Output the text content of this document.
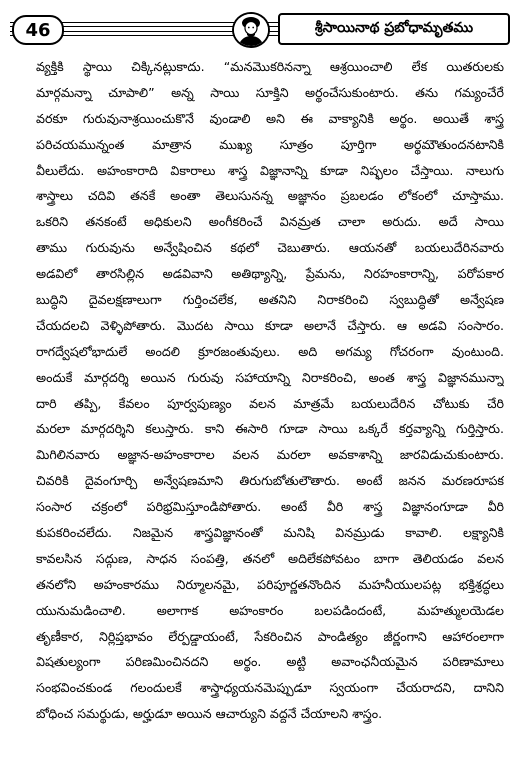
46	శ్రీసాయినాథ ప్రబోధామృతము
వ్యక్తికి స్థాయి చిక్కినట్లుకాదు. “మనమొకరినన్నా ఆశ్రయించాలి లేక యితరులకు
మార్గమన్నా చూపాలి” అన్న సాయి సూక్తిని అర్థంచేసుకుంటారు. తను గమ్యంచేరే
వరకూ గురువునాశ్రయించుకొనే వుండాలి అని ఈ వాక్యానికి అర్థం. అయితే శాస్త్ర
పరిచయమున్నంత మాత్రాన ముఖ్య సూత్రం పూర్తిగా అర్థమౌతుందనటానికి
వీలులేదు. అహంకారాది వికారాలు శాస్త్ర విజ్ఞానాన్ని కూడా నిష్ఫలం చేస్తాయి. నాలుగు
శాస్త్రాలు చదివి తనకే అంతా తెలుసునన్న అజ్ఞానం ప్రబలడం లోకంలో చూస్తాము.
ఒకరిని తనకంటే అధికులని అంగీకరించే వినమ్రత చాలా అరుదు. అదే సాయి
తాము గురువును అన్వేషించిన కథలో చెబుతారు. ఆయనతో బయలుదేరినవారు
అడవిలో తారసిల్లిన అడవివాని అతిథ్యాన్ని, ప్రేమను, నిరహంకారాన్ని, పరోపకార
బుద్ధిని దైవలక్షణాలుగా గుర్తించలేక, అతనిని నిరాకరించి స్వబుద్ధితో అన్వేషణ
చేయదలచి వెళ్ళిపోతారు. మొదట సాయి కూడా అలానే చేస్తారు. ఆ అడవి సంసారం.
రాగద్వేషలోభాదులే అందలి క్రూరజంతువులు. అది అగమ్య గోచరంగా వుంటుంది.
అందుకే మార్గదర్శి అయిన గురువు సహాయాన్ని నిరాకరించి, అంత శాస్త్ర విజ్ఞానమున్నా
దారి తప్పి, కేవలం పూర్వపుణ్యం వలన మాత్రమే బయలుదేరిన చోటుకు చేరి
మరలా మార్గదర్శిని కలుస్తారు. కాని ఈసారి గూడా సాయి ఒక్కరే కర్తవ్యాన్ని గుర్తిస్తారు.
మిగిలినవారు అజ్ఞాన-అహంకారాల వలన మరలా అవకాశాన్ని జారవిడుచుకుంటారు.
చివరికి దైవంగూర్చి అన్వేషణమాని తిరుగుబోతులౌతారు. అంటే జనన మరణరూపక
సంసార చక్రంలో పరిభ్రమిస్తూండిపోతారు. అంటే వీరి శాస్త్ర విజ్ఞానంగూడా వీరి
కుపకరించలేదు. నిజమైన శాస్త్రవిజ్ఞానంతో మనిషి వినమ్రుడు కావాలి. లక్ష్యానికి
కావలసిన సద్గుణ, సాధన సంపత్తి, తనలో అదిలేకపోవటం బాగా తెలియడం వలన
తనలోని అహంకారము నిర్మూలనమై, పరిపూర్ణతనొందిన మహనీయులపట్ల భక్తిశ్రద్ధలు
యునుమడించాలి. అలాగాక అహంకారం బలపడిందంటే, మహత్ములయెడల
తృణీకార, నిర్లిప్తభావం లేర్పడ్డాయంటే, సేకరించిన పాండిత్యం జీర్ణంగాని ఆహారంలాగా
విషతుల్యంగా పరిణమించినదని అర్థం. అట్టి అవాంఛనీయమైన పరిణామాలు
సంభవించకుండ గలందులకే శాస్త్రాధ్యయనమెప్పుడూ స్వయంగా చేయరాదని, దానిని
బోధించ సమర్థుడు, అర్హుడూ అయిన ఆచార్యుని వద్దనే చేయాలని శాస్త్రం.
